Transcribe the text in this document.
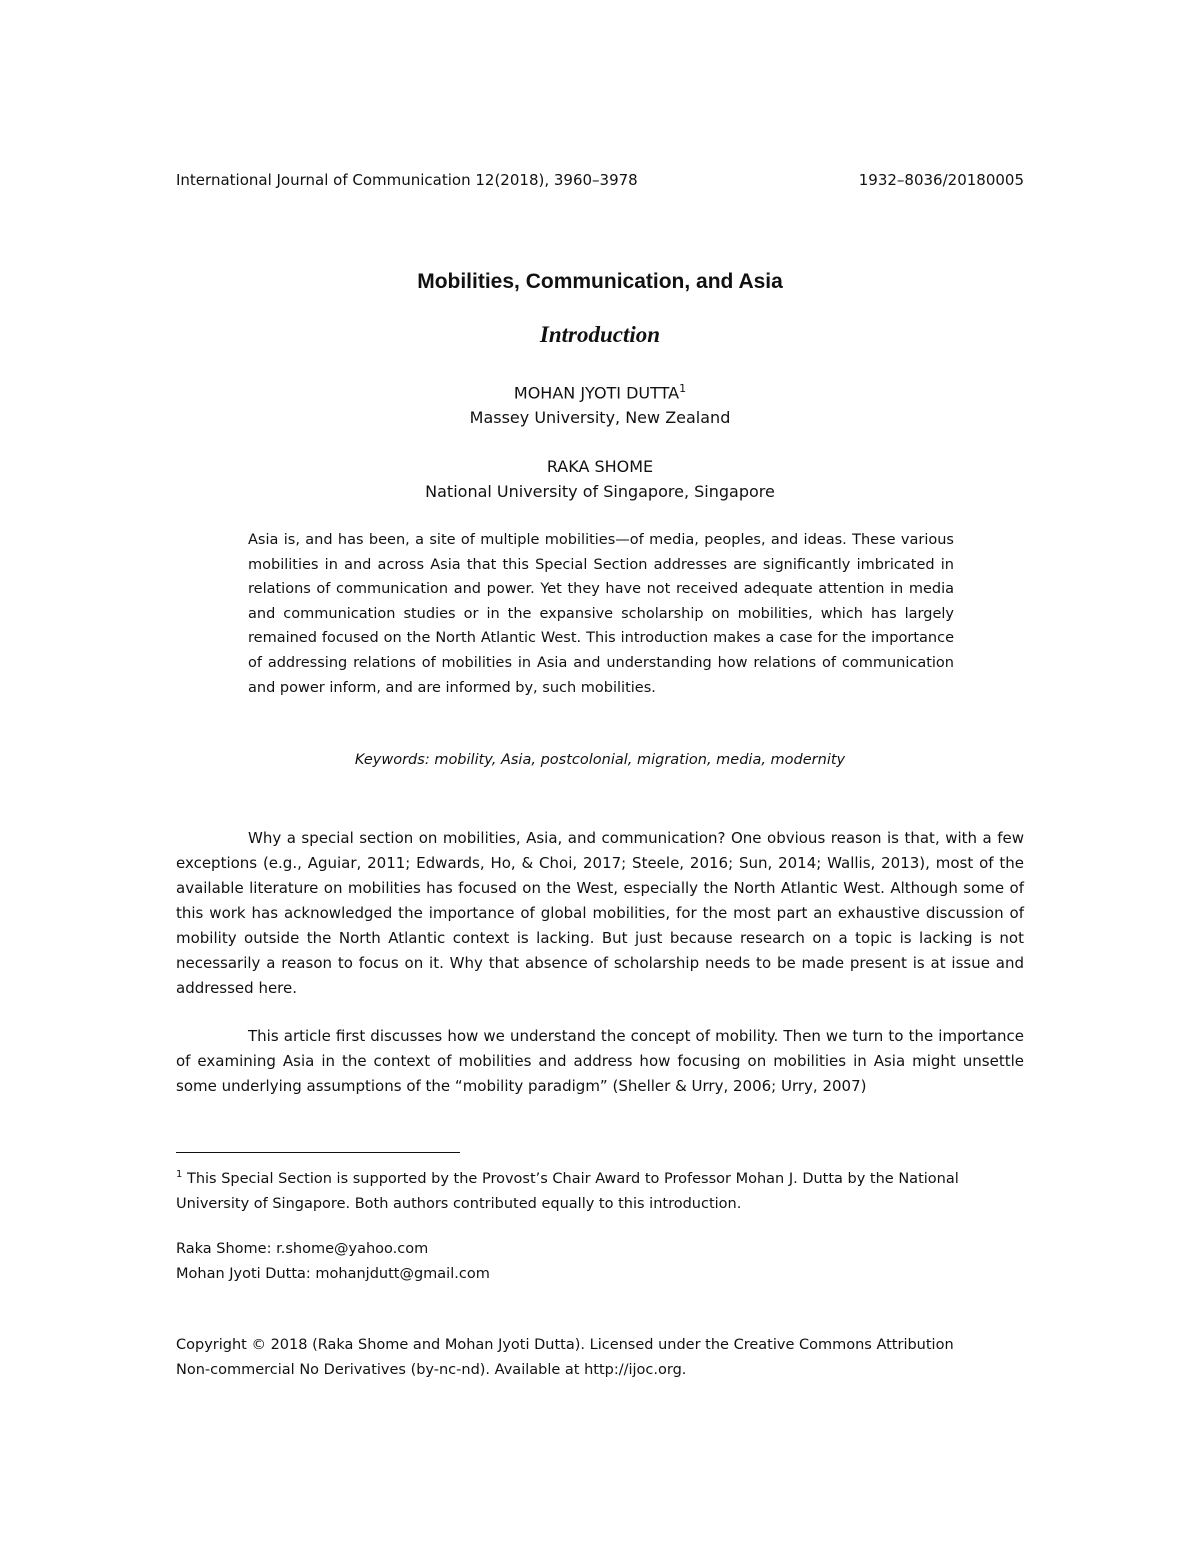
International Journal of Communication 12(2018), 3960–3978	1932–8036/20180005
Mobilities, Communication, and Asia
Introduction
MOHAN JYOTI DUTTA$^1$
Massey University, New Zealand
RAKA SHOME
National University of Singapore, Singapore
Asia is, and has been, a site of multiple mobilities—of media, peoples, and ideas. These various mobilities in and across Asia that this Special Section addresses are significantly imbricated in relations of communication and power. Yet they have not received adequate attention in media and communication studies or in the expansive scholarship on mobilities, which has largely remained focused on the North Atlantic West. This introduction makes a case for the importance of addressing relations of mobilities in Asia and understanding how relations of communication and power inform, and are informed by, such mobilities.
Keywords: mobility, Asia, postcolonial, migration, media, modernity

Why a special section on mobilities, Asia, and communication? One obvious reason is that, with a few exceptions (e.g., Aguiar, 2011; Edwards, Ho, & Choi, 2017; Steele, 2016; Sun, 2014; Wallis, 2013), most of the available literature on mobilities has focused on the West, especially the North Atlantic West. Although some of this work has acknowledged the importance of global mobilities, for the most part an exhaustive discussion of mobility outside the North Atlantic context is lacking. But just because research on a topic is lacking is not necessarily a reason to focus on it. Why that absence of scholarship needs to be made present is at issue and addressed here.

This article first discusses how we understand the concept of mobility. Then we turn to the importance of examining Asia in the context of mobilities and address how focusing on mobilities in Asia might unsettle some underlying assumptions of the “mobility paradigm” (Sheller & Urry, 2006; Urry, 2007)

$^1$ This Special Section is supported by the Provost’s Chair Award to Professor Mohan J. Dutta by the National University of Singapore. Both authors contributed equally to this introduction.
Raka Shome: r.shome@yahoo.com
Mohan Jyoti Dutta: mohanjdutt@gmail.com
Copyright © 2018 (Raka Shome and Mohan Jyoti Dutta). Licensed under the Creative Commons Attribution
Non-commercial No Derivatives (by-nc-nd). Available at http://ijoc.org.
